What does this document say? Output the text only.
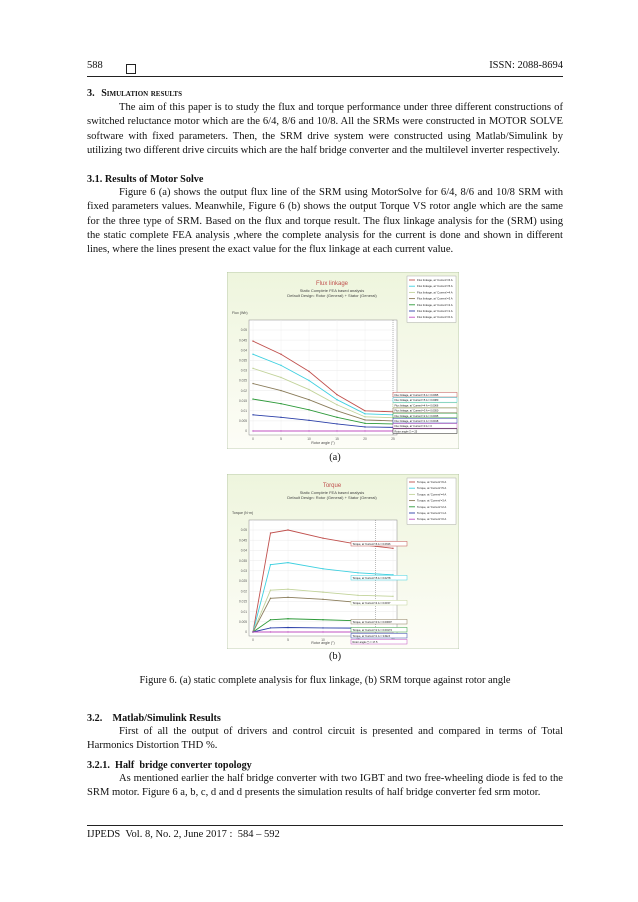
588	ISSN: 2088-8694
3. Simulation results
The aim of this paper is to study the flux and torque performance under three different constructions of switched reluctance motor which are the 6/4, 8/6 and 10/8. All the SRMs were constructed in MOTOR SOLVE software with fixed parameters. Then, the SRM drive system were constructed using Matlab/Simulink by utilizing two different drive circuits which are the half bridge converter and the multilevel inverter respectively.
3.1. Results of Motor Solve
Figure 6 (a) shows the output flux line of the SRM using MotorSolve for 6/4, 8/6 and 10/8 SRM with fixed parameters values. Meanwhile, Figure 6 (b) shows the output Torque VS rotor angle which are the same for the three type of SRM. Based on the flux and torque result. The flux linkage analysis for the (SRM) using the static complete FEA analysis ,where the complete analysis for the current is done and shown in different lines, where the lines present the exact value for the flux linkage at each current value.
Flux linkage
Static Complete FEA based analysis
Default Design: Rotor (General) + Stator (General)
Flux (Wb)
Rotor angle (°)
0
0.005
0.01
0.015
0.02
0.025
0.03
0.035
0.04
0.045
0.05
0	5	10	15	20	25
Flux linkage, at 'Current'=6 A
Flux linkage, at 'Current'=5 A
Flux linkage, at 'Current'=4 A
Flux linkage, at 'Current'=3 A
Flux linkage, at 'Current'=2 A
Flux linkage, at 'Current'=1 A
Flux linkage, at 'Current'=0 A
Flux linkage, at 'Current'=6 A = 0.0095
Flux linkage, at 'Current'=5 A = 0.0080
Flux linkage, at 'Current'=4 A = 0.0066
Flux linkage, at 'Current'=3 A = 0.0050
Flux linkage, at 'Current'=2 A = 0.0035
Flux linkage, at 'Current'=1 A = 0.0018
Flux linkage, at 'Current'=0 A = 0
Rotor angle (°) = 25
(a)
Torque
Static Complete FEA based analysis
Default Design: Rotor (General) + Stator (General)
Torque (N·m)
Rotor angle (°)
0
0.005
0.01
0.015
0.02
0.025
0.03
0.035
0.04
0.045
0.05
0	5	10
Torque, at 'Current'=6 A
Torque, at 'Current'=5 A
Torque, at 'Current'=4 A
Torque, at 'Current'=3 A
Torque, at 'Current'=2 A
Torque, at 'Current'=1 A
Torque, at 'Current'=0 A
Torque, at 'Current'=6 A = 0.0636
Torque, at 'Current'=5 A = 0.0278
Torque, at 'Current'=4 A = 0.0157
Torque, at 'Current'=3 A = 0.00697
Torque, at 'Current'=2 A = 0.00174
Torque, at 'Current'=1 A = 3.6E-5
Rotor angle (°) = 17.5
(b)
Figure 6. (a) static complete analysis for flux linkage, (b) SRM torque against rotor angle
3.2.    Matlab/Simulink Results
First of all the output of drivers and control circuit is presented and compared in terms of Total Harmonics Distortion THD %.
3.2.1.  Half  bridge converter topology
As mentioned earlier the half bridge converter with two IGBT and two free-wheeling diode is fed to the SRM motor. Figure 6 a, b, c, d and d presents the simulation results of half bridge converter fed srm motor.
IJPEDS  Vol. 8, No. 2, June 2017 :  584 – 592
